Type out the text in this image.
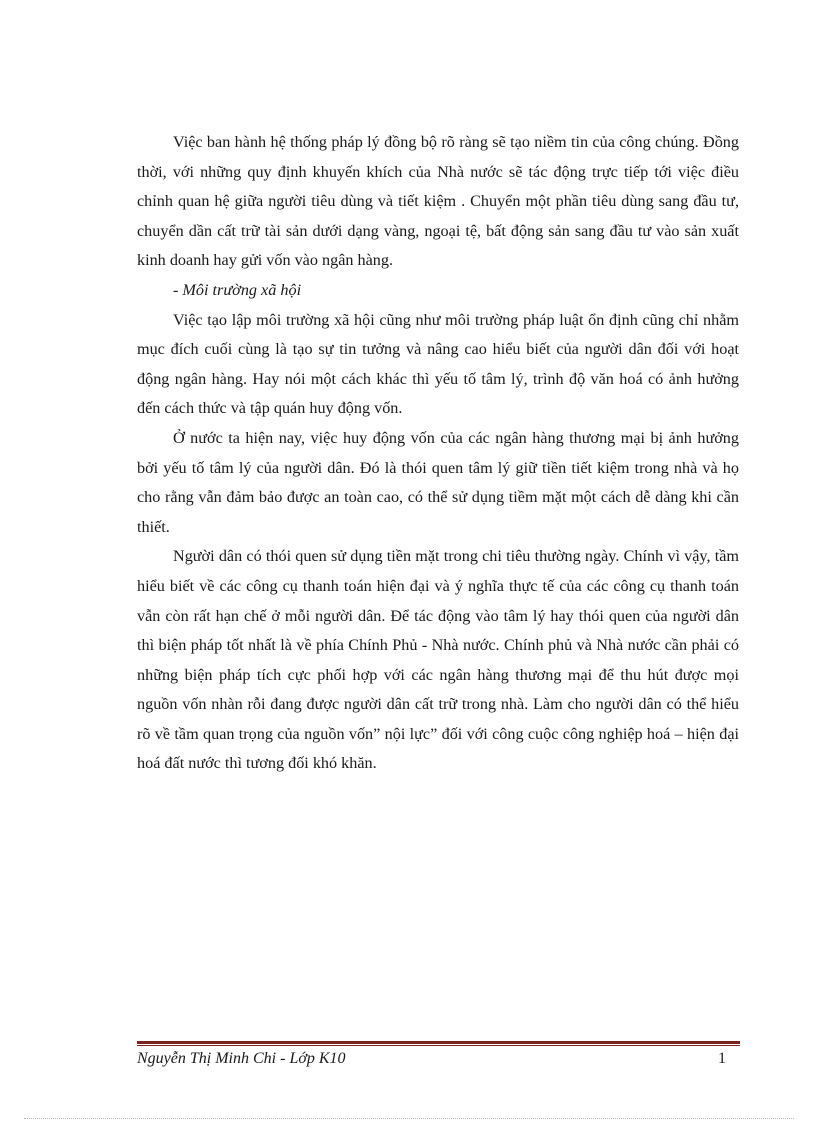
Việc ban hành hệ thống pháp lý đồng bộ rõ ràng sẽ tạo niềm tin của công chúng. Đồng thời, với những quy định khuyến khích của Nhà nước sẽ tác động trực tiếp tới việc điều chỉnh quan hệ giữa người tiêu dùng và tiết kiệm . Chuyển một phần tiêu dùng sang đầu tư, chuyển dần cất trữ tài sản dưới dạng vàng, ngoại tệ, bất động sản sang đầu tư vào sản xuất kinh doanh hay gửi vốn vào ngân hàng.

- Môi trường xã hội

Việc tạo lập môi trường xã hội cũng như môi trường pháp luật ổn định cũng chỉ nhằm mục đích cuối cùng là tạo sự tin tưởng và nâng cao hiểu biết của người dân đối với hoạt động ngân hàng. Hay nói một cách khác thì yếu tố tâm lý, trình độ văn hoá có ảnh hưởng đến cách thức và tập quán huy động vốn.

Ở nước ta hiện nay, việc huy động vốn của các ngân hàng thương mại bị ảnh hưởng bởi yếu tố tâm lý của người dân. Đó là thói quen tâm lý giữ tiền tiết kiệm trong nhà và họ cho rằng vẫn đảm bảo được an toàn cao, có thể sử dụng tiềm mặt một cách dễ dàng khi cần thiết.

Người dân có thói quen sử dụng tiền mặt trong chi tiêu thường ngày. Chính vì vậy, tầm hiểu biết về các công cụ thanh toán hiện đại và ý nghĩa thực tế của các công cụ thanh toán vẫn còn rất hạn chế ở mỗi người dân. Để tác động vào tâm lý hay thói quen của người dân thì biện pháp tốt nhất là về phía Chính Phủ - Nhà nước. Chính phủ và Nhà nước cần phải có những biện pháp tích cực phối hợp với các ngân hàng thương mại để thu hút được mọi nguồn vốn nhàn rỗi đang được người dân cất trữ trong nhà. Làm cho người dân có thể hiểu rõ về tầm quan trọng của nguồn vốn” nội lực” đối với công cuộc công nghiệp hoá – hiện đại hoá đất nước thì tương đối khó khăn.

Nguyễn Thị Minh Chi - Lớp K10	1
